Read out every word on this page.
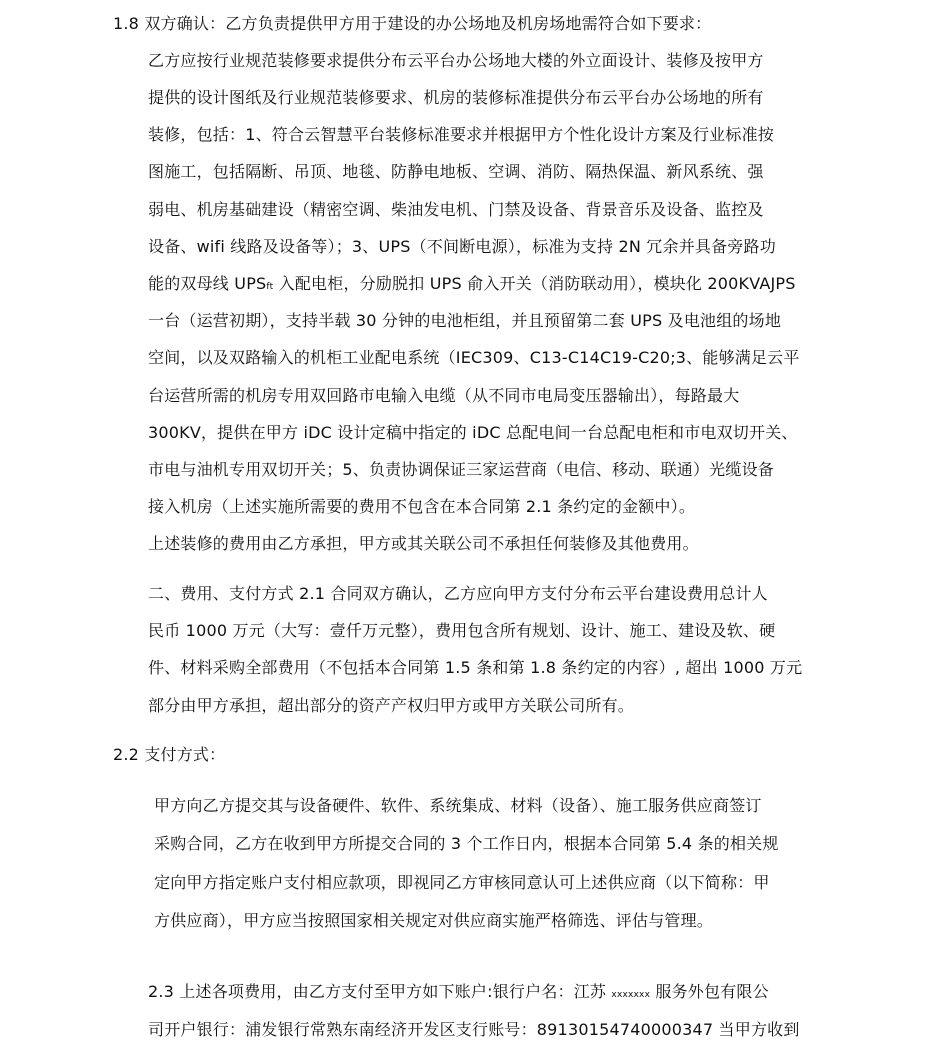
1.8 双方确认：乙方负责提供甲方用于建设的办公场地及机房场地需符合如下要求：
乙方应按行业规范装修要求提供分布云平台办公场地大楼的外立面设计、装修及按甲方
提供的设计图纸及行业规范装修要求、机房的装修标准提供分布云平台办公场地的所有
装修，包括：1、符合云智慧平台装修标准要求并根据甲方个性化设计方案及行业标准按
图施工，包括隔断、吊顶、地毯、防静电地板、空调、消防、隔热保温、新风系统、强
弱电、机房基础建设（精密空调、柴油发电机、门禁及设备、背景音乐及设备、监控及
设备、wifi 线路及设备等）；3、UPS（不间断电源），标准为支持 2N 冗余并具备旁路功
能的双母线 UPSft 入配电柜，分励脱扣 UPS 俞入开关（消防联动用），模块化 200KVAJPS
一台（运营初期），支持半载 30 分钟的电池柜组，并且预留第二套 UPS 及电池组的场地
空间，以及双路输入的机柜工业配电系统（IEC309、C13-C14C19-C20;3、能够满足云平
台运营所需的机房专用双回路市电输入电缆（从不同市电局变压器输出），每路最大
300KV，提供在甲方 iDC 设计定稿中指定的 iDC 总配电间一台总配电柜和市电双切开关、
市电与油机专用双切开关；5、负责协调保证三家运营商（电信、移动、联通）光缆设备
接入机房（上述实施所需要的费用不包含在本合同第 2.1 条约定的金额中）。
上述装修的费用由乙方承担，甲方或其关联公司不承担任何装修及其他费用。
二、费用、支付方式 2.1 合同双方确认，乙方应向甲方支付分布云平台建设费用总计人
民币 1000 万元（大写：壹仟万元整），费用包含所有规划、设计、施工、建设及软、硬
件、材料采购全部费用（不包括本合同第 1.5 条和第 1.8 条约定的内容）, 超出 1000 万元
部分由甲方承担，超出部分的资产产权归甲方或甲方关联公司所有。
2.2 支付方式：
甲方向乙方提交其与设备硬件、软件、系统集成、材料（设备）、施工服务供应商签订
采购合同，乙方在收到甲方所提交合同的 3 个工作日内，根据本合同第 5.4 条的相关规
定向甲方指定账户支付相应款项，即视同乙方审核同意认可上述供应商（以下简称：甲
方供应商），甲方应当按照国家相关规定对供应商实施严格筛选、评估与管理。
2.3 上述各项费用，由乙方支付至甲方如下账户:银行户名：江苏 xxxxxxx 服务外包有限公
司开户银行：浦发银行常熟东南经济开发区支行账号：89130154740000347 当甲方收到
